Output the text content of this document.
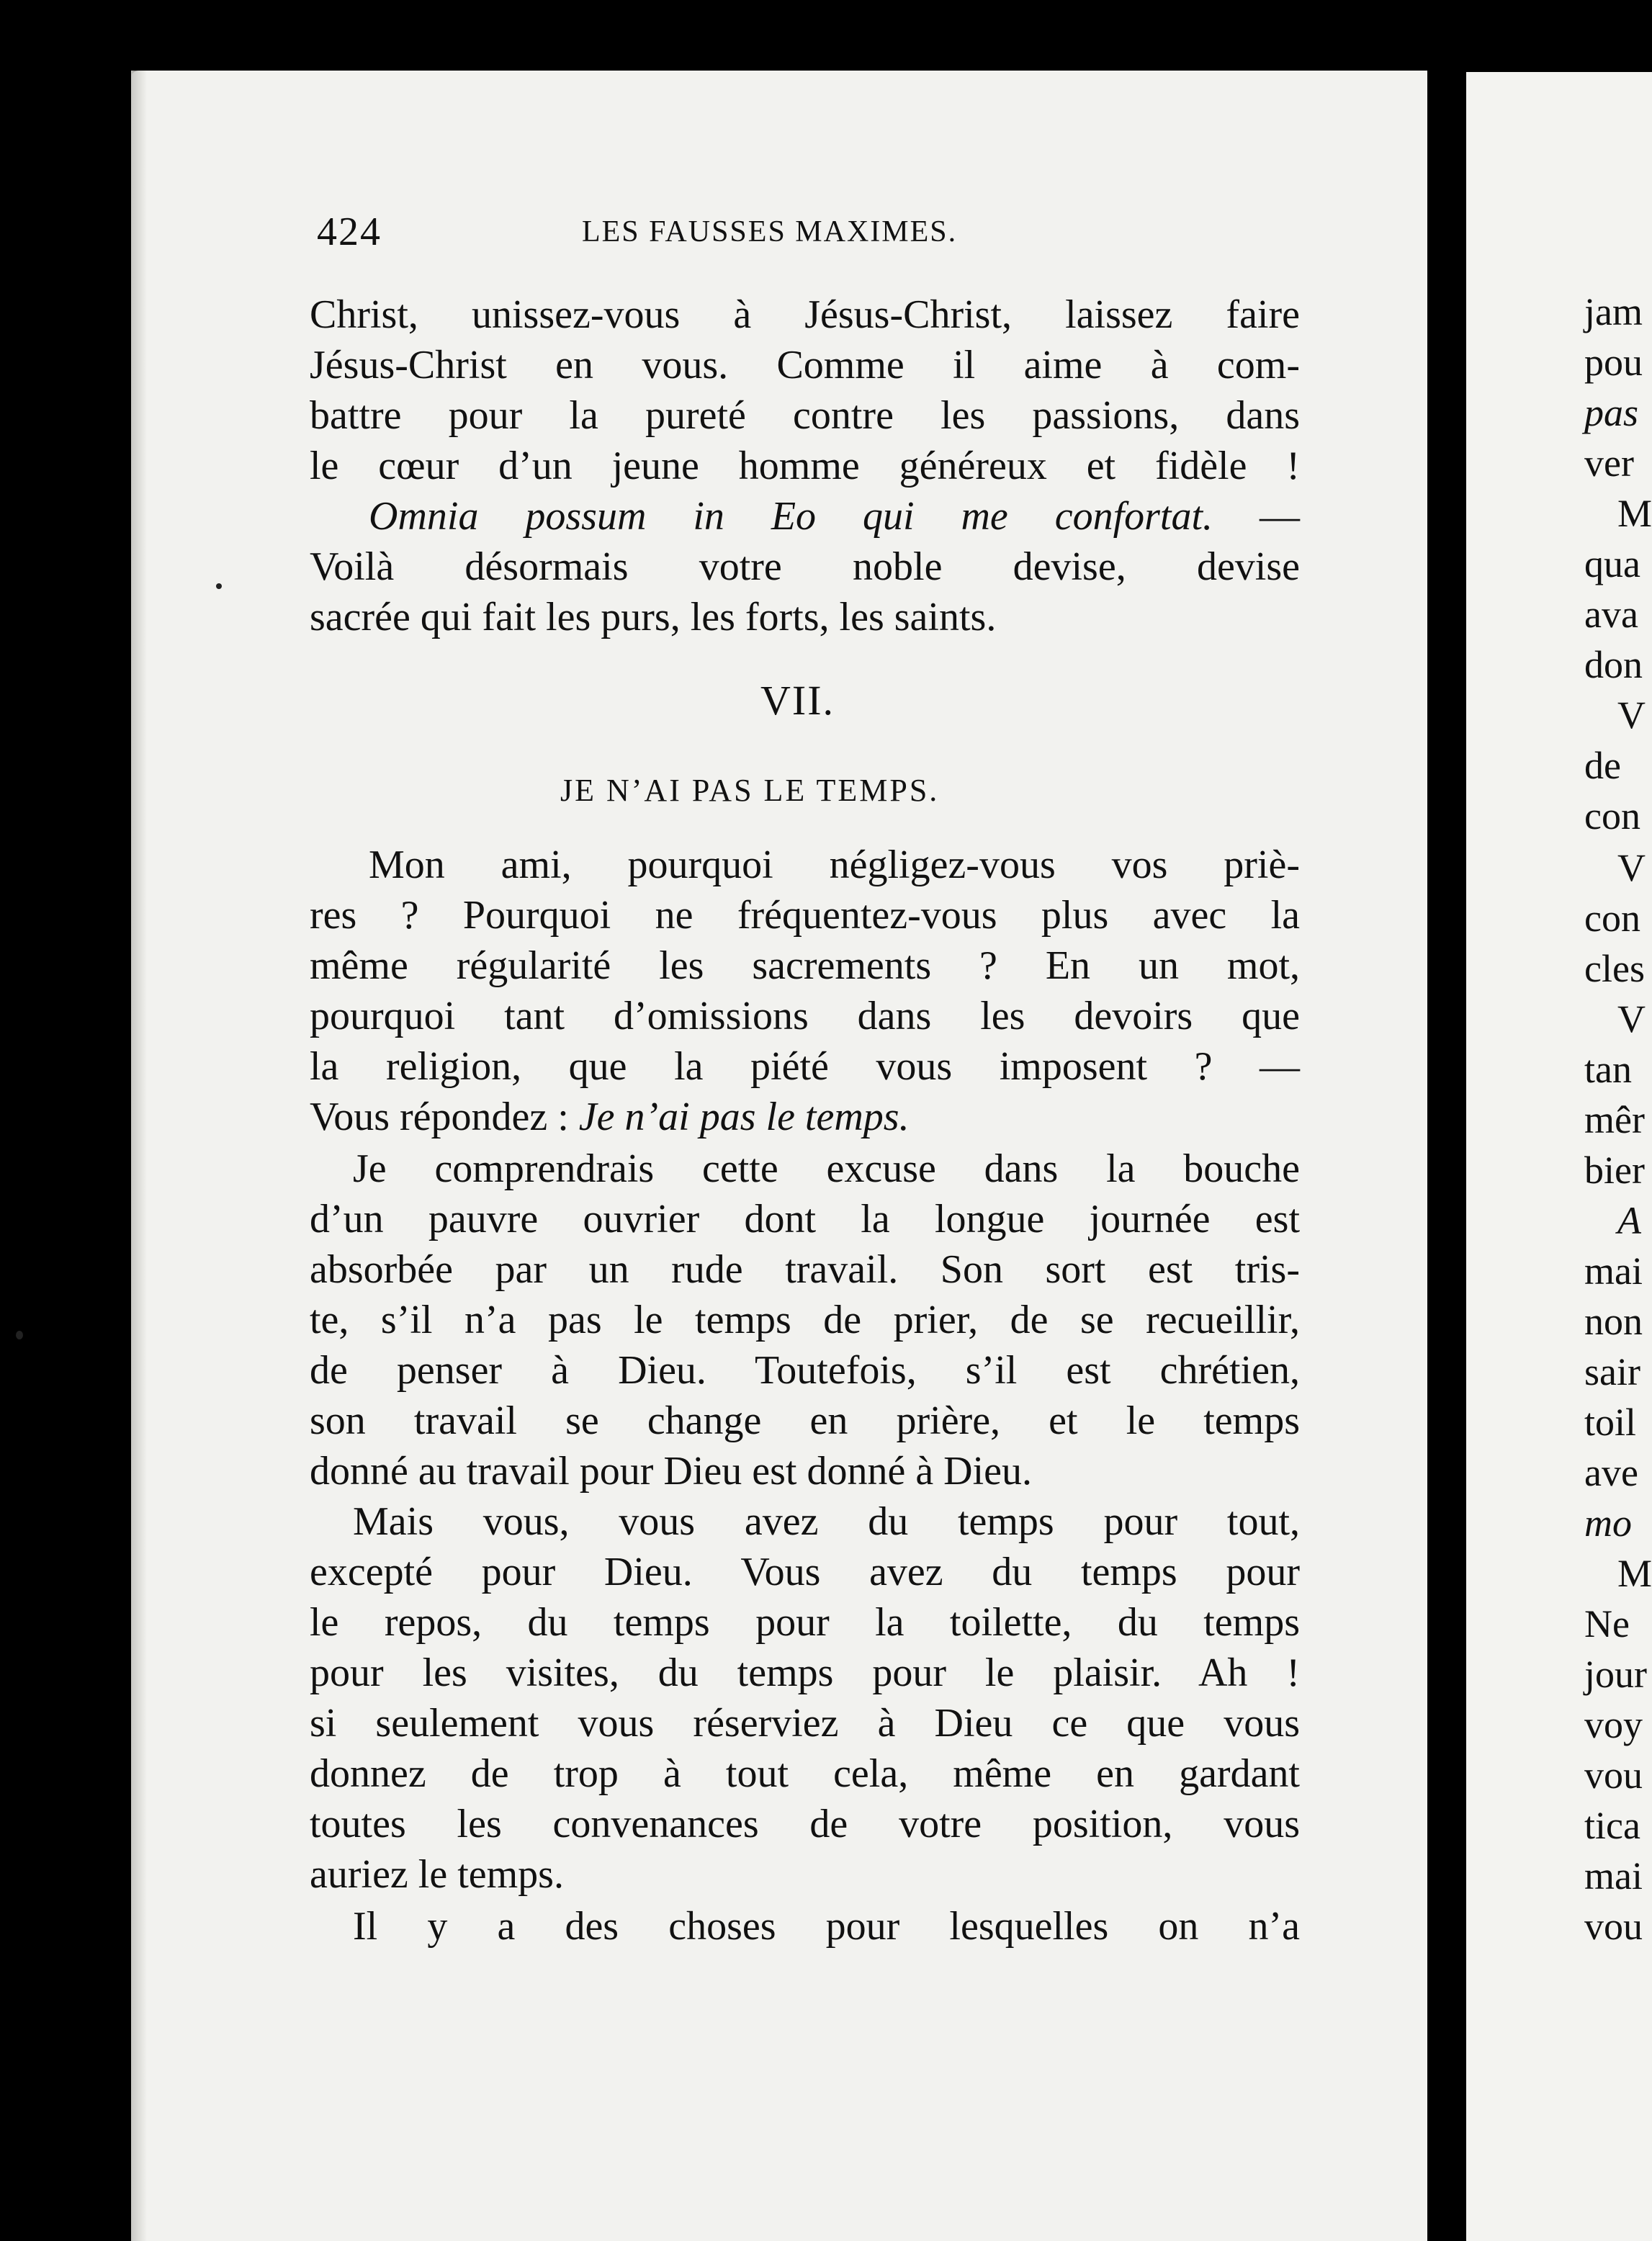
424	LES FAUSSES MAXIMES.
Christ, unissez-vous à Jésus-Christ, laissez faire
Jésus-Christ en vous. Comme il aime à com-
battre pour la pureté contre les passions, dans
le cœur d’un jeune homme généreux et fidèle !
Omnia possum in Eo qui me confortat. —
Voilà désormais votre noble devise, devise
sacrée qui fait les purs, les forts, les saints.
VII.
JE N’AI PAS LE TEMPS.
Mon ami, pourquoi négligez-vous vos priè-
res ? Pourquoi ne fréquentez-vous plus avec la
même régularité les sacrements ? En un mot,
pourquoi tant d’omissions dans les devoirs que
la religion, que la piété vous imposent ? —
Vous répondez : Je n’ai pas le temps.
Je comprendrais cette excuse dans la bouche
d’un pauvre ouvrier dont la longue journée est
absorbée par un rude travail. Son sort est tris-
te, s’il n’a pas le temps de prier, de se recueillir,
de penser à Dieu. Toutefois, s’il est chrétien,
son travail se change en prière, et le temps
donné au travail pour Dieu est donné à Dieu.
Mais vous, vous avez du temps pour tout,
excepté pour Dieu. Vous avez du temps pour
le repos, du temps pour la toilette, du temps
pour les visites, du temps pour le plaisir. Ah !
si seulement vous réserviez à Dieu ce que vous
donnez de trop à tout cela, même en gardant
toutes les convenances de votre position, vous
auriez le temps.
Il y a des choses pour lesquelles on n’a
jam
pou
pas
ver
M
qua
ava
don
V
de
con
V
con
cles
V
tan
mêr
bier
A
mai
non
sair
toil
ave
mo
M
Ne
jour
voy
vou
tica
mai
vou
